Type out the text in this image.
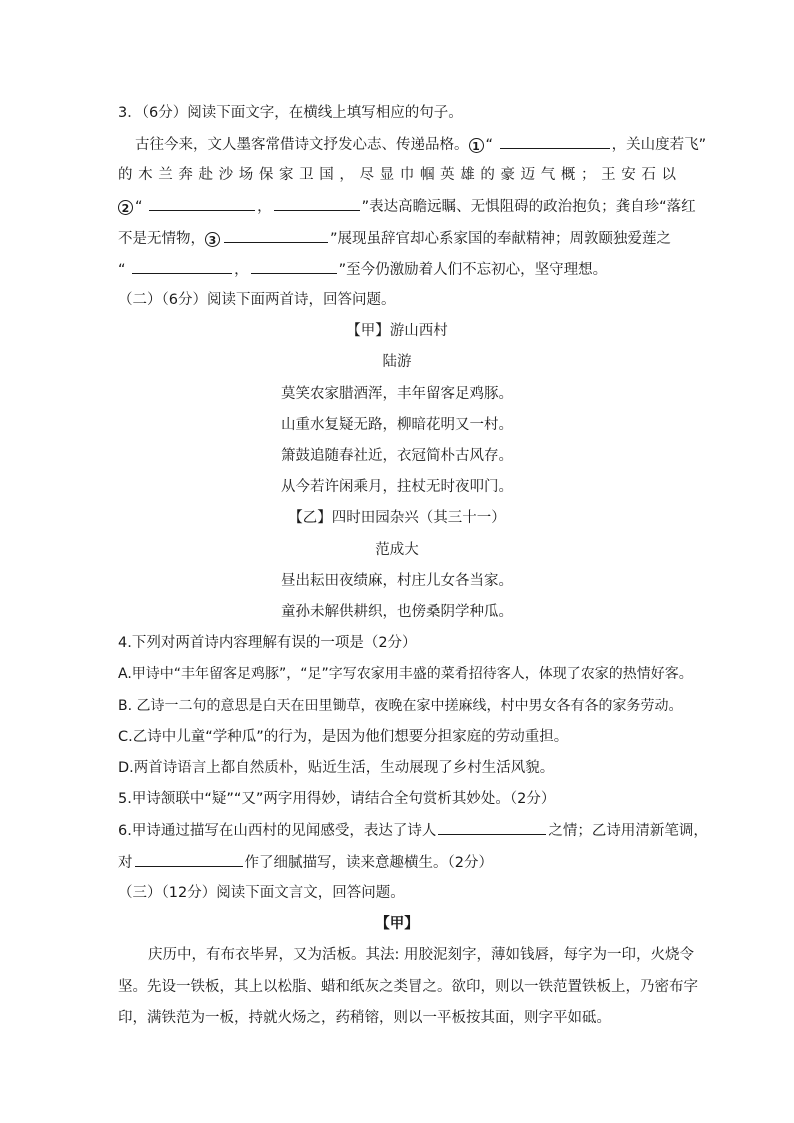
3．（6分）阅读下面文字，在横线上填写相应的句子。
古往今来，文人墨客常借诗文抒发心志、传递品格。 1 “	，关山度若飞”
的木兰奔赴沙场保家卫国，尽显巾帼英雄的豪迈气概；王安石以
2 “	，	”表达高瞻远瞩、无惧阻碍的政治抱负；龚自珍“落红
不是无情物， 3	”展现虽辞官却心系家国的奉献精神；周敦颐独爱莲之
“	，	”至今仍激励着人们不忘初心，坚守理想。
（二）（6分）阅读下面两首诗，回答问题。
【甲】游山西村
陆游
莫笑农家腊酒浑，丰年留客足鸡豚。
山重水复疑无路，柳暗花明又一村。
箫鼓追随春社近，衣冠简朴古风存。
从今若许闲乘月，拄杖无时夜叩门。
【乙】四时田园杂兴（其三十一）
范成大
昼出耘田夜绩麻，村庄儿女各当家。
童孙未解供耕织，也傍桑阴学种瓜。
4.下列对两首诗内容理解有误的一项是（2分）
A.甲诗中“丰年留客足鸡豚”，“足”字写农家用丰盛的菜肴招待客人，体现了农家的热情好客。
B. 乙诗一二句的意思是白天在田里锄草，夜晚在家中搓麻线，村中男女各有各的家务劳动。
C.乙诗中儿童“学种瓜”的行为，是因为他们想要分担家庭的劳动重担。
D.两首诗语言上都自然质朴，贴近生活，生动展现了乡村生活风貌。
5.甲诗颔联中“疑”“又”两字用得妙，请结合全句赏析其妙处。（2分）
6.甲诗通过描写在山西村的见闻感受，表达了诗人	之情；乙诗用清新笔调，
对	作了细腻描写，读来意趣横生。（2分）
（三）（12分）阅读下面文言文，回答问题。
【甲】
庆历中，有布衣毕昇，又为活板。其法: 用胶泥刻字，薄如钱唇，每字为一印，火烧令
坚。先设一铁板，其上以松脂、蜡和纸灰之类冒之。欲印，则以一铁范置铁板上，乃密布字
印，满铁范为一板，持就火炀之，药稍镕，则以一平板按其面，则字平如砥。
